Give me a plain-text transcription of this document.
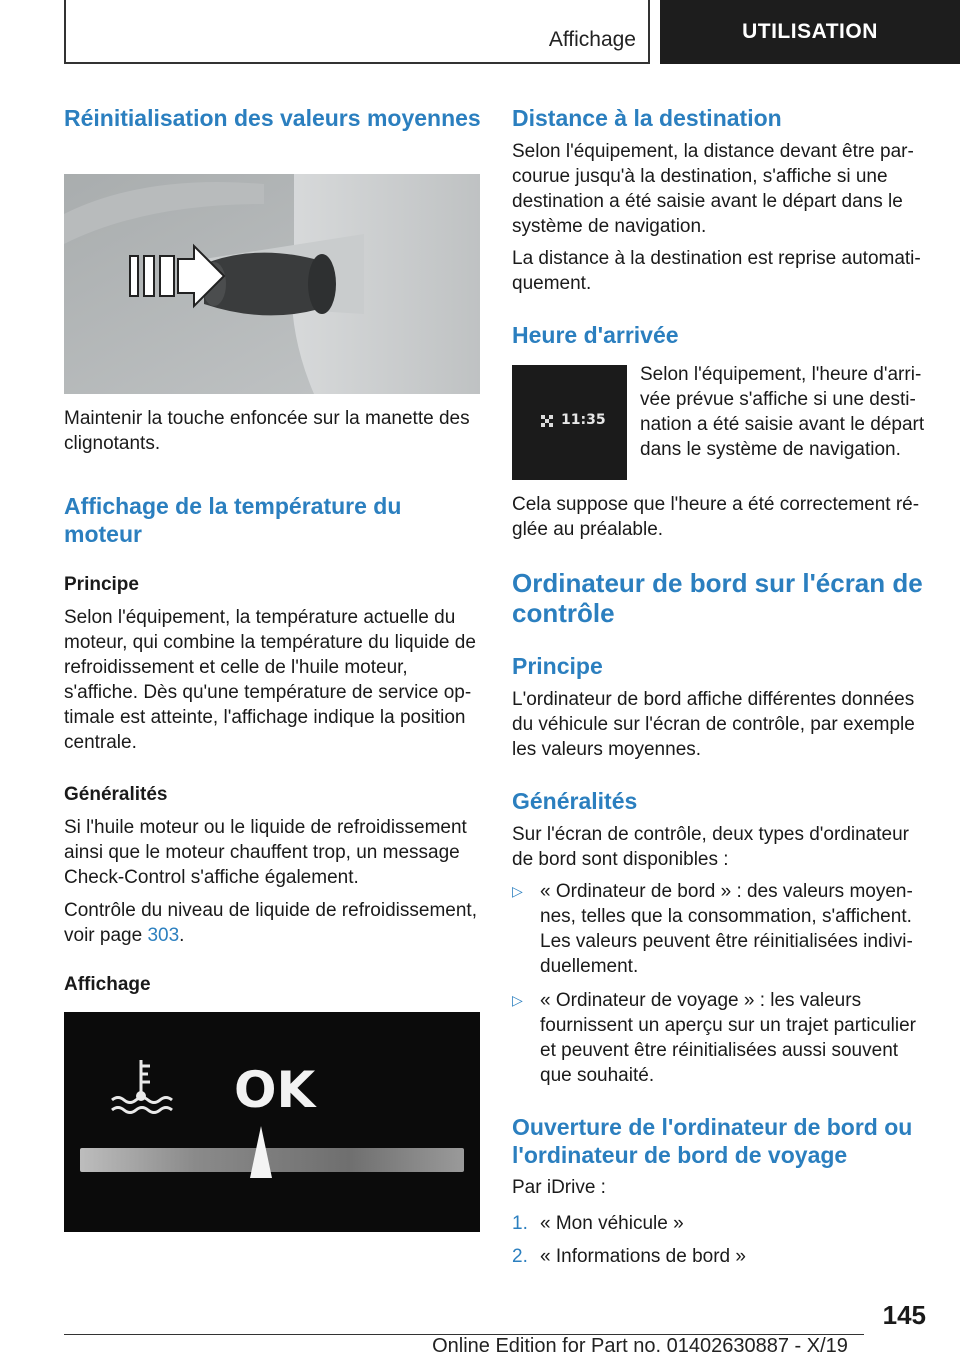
Affichage	UTILISATION
Réinitialisation des valeurs moyennes

Maintenir la touche enfoncée sur la manette des clignotants.

Affichage de la température du moteur
Principe

Selon l'équipement, la température actuelle du moteur, qui combine la température du liquide de refroidissement et celle de l'huile moteur, s'affiche. Dès qu'une température de service optimale est atteinte, l'affichage indique la position centrale.

Généralités

Si l'huile moteur ou le liquide de refroidissement ainsi que le moteur chauffent trop, un message Check-Control s'affiche également.

Contrôle du niveau de liquide de refroidissement, voir page 303.

Affichage
OK
Distance à la destination

Selon l'équipement, la distance devant être parcourue jusqu'à la destination, s'affiche si une destination a été saisie avant le départ dans le système de navigation.

La distance à la destination est reprise automatiquement.

Heure d'arrivée
11:35

Selon l'équipement, l'heure d'arrivée prévue s'affiche si une destination a été saisie avant le départ dans le système de navigation.

Cela suppose que l'heure a été correctement réglée au préalable.

Ordinateur de bord sur l'écran de contrôle
Principe

L'ordinateur de bord affiche différentes données du véhicule sur l'écran de contrôle, par exemple les valeurs moyennes.

Généralités

Sur l'écran de contrôle, deux types d'ordinateur de bord sont disponibles :

▷ « Ordinateur de bord » : des valeurs moyennes, telles que la consommation, s'affichent. Les valeurs peuvent être réinitialisées individuellement.
▷ « Ordinateur de voyage » : les valeurs fournissent un aperçu sur un trajet particulier et peuvent être réinitialisées aussi souvent que souhaité.
Ouverture de l'ordinateur de bord ou l'ordinateur de bord de voyage

Par iDrive :

1. « Mon véhicule »
2. « Informations de bord »
145
Online Edition for Part no. 01402630887 - X/19
